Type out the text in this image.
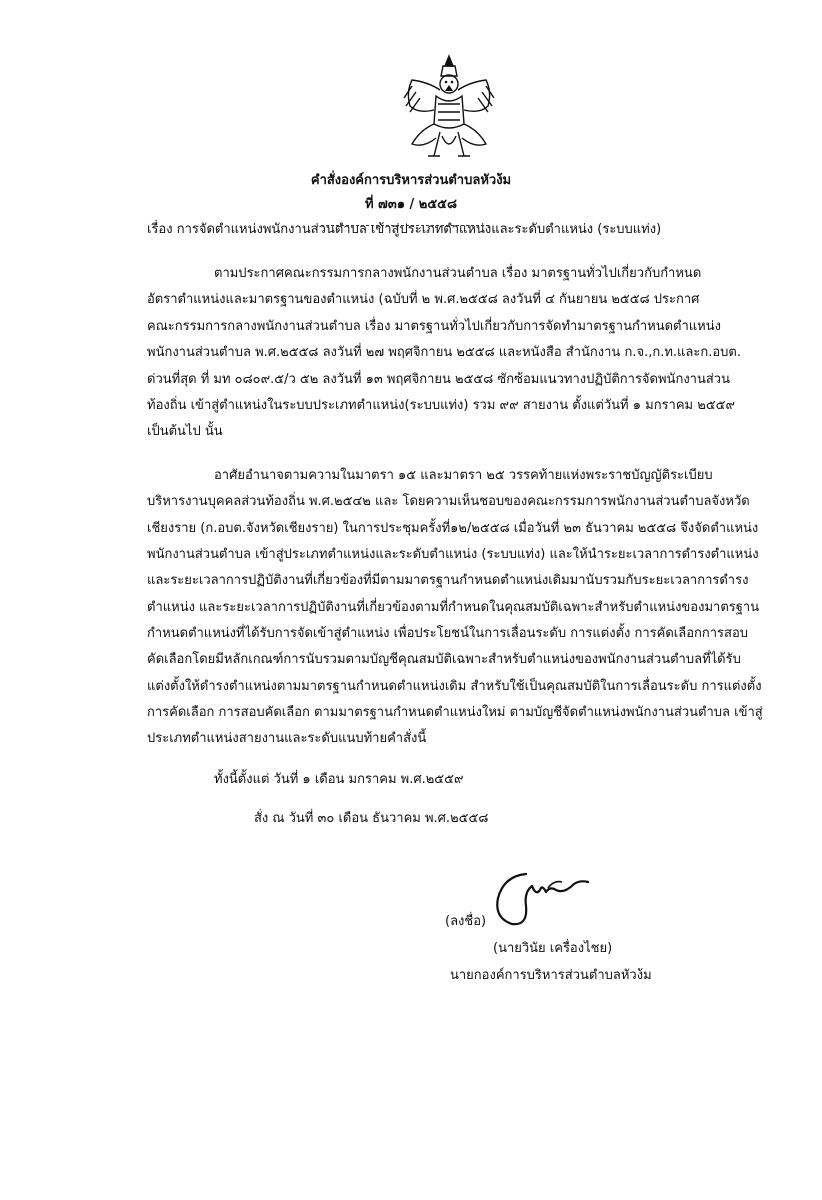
คำสั่งองค์การบริหารส่วนตำบลหัวง้ม
ที่ ๗๓๑ / ๒๕๕๘
เรื่อง การจัดตำแหน่งพนักงานส่วนตำบล เข้าสู่ประเภทตำแหน่งและระดับตำแหน่ง (ระบบแท่ง)
ตามประกาศคณะกรรมการกลางพนักงานส่วนตำบล เรื่อง มาตรฐานทั่วไปเกี่ยวกับกำหนด
อัตราตำแหน่งและมาตรฐานของตำแหน่ง (ฉบับที่ ๒ พ.ศ.๒๕๕๘ ลงวันที่ ๔ กันยายน ๒๕๕๘ ประกาศ
คณะกรรมการกลางพนักงานส่วนตำบล เรื่อง มาตรฐานทั่วไปเกี่ยวกับการจัดทำมาตรฐานกำหนดตำแหน่ง
พนักงานส่วนตำบล พ.ศ.๒๕๕๘ ลงวันที่ ๒๗ พฤศจิกายน ๒๕๕๘ และหนังสือ สำนักงาน ก.จ.,ก.ท.และก.อบต.
ด่วนที่สุด ที่ มท ๐๘๐๙.๕/ว ๕๒ ลงวันที่ ๑๓ พฤศจิกายน ๒๕๕๘ ซักซ้อมแนวทางปฏิบัติการจัดพนักงานส่วน
ท้องถิ่น เข้าสู่ตำแหน่งในระบบประเภทตำแหน่ง(ระบบแท่ง) รวม ๙๙ สายงาน ตั้งแต่วันที่ ๑ มกราคม ๒๕๕๙
เป็นต้นไป นั้น
อาศัยอำนาจตามความในมาตรา ๑๕ และมาตรา ๒๕ วรรคท้ายแห่งพระราชบัญญัติระเบียบ
บริหารงานบุคคลส่วนท้องถิ่น พ.ศ.๒๕๔๒ และ โดยความเห็นชอบของคณะกรรมการพนักงานส่วนตำบลจังหวัด
เชียงราย (ก.อบต.จังหวัดเชียงราย) ในการประชุมครั้งที่๑๒/๒๕๕๘ เมื่อวันที่ ๒๓ ธันวาคม ๒๕๕๘ จึงจัดตำแหน่ง
พนักงานส่วนตำบล เข้าสู่ประเภทตำแหน่งและระดับตำแหน่ง (ระบบแท่ง) และให้นำระยะเวลาการดำรงตำแหน่ง
และระยะเวลาการปฏิบัติงานที่เกี่ยวข้องที่มีตามมาตรฐานกำหนดตำแหน่งเดิมมานับรวมกับระยะเวลาการดำรง
ตำแหน่ง และระยะเวลาการปฏิบัติงานที่เกี่ยวข้องตามที่กำหนดในคุณสมบัติเฉพาะสำหรับตำแหน่งของมาตรฐาน
กำหนดตำแหน่งที่ได้รับการจัดเข้าสู่ตำแหน่ง เพื่อประโยชน์ในการเลื่อนระดับ การแต่งตั้ง การคัดเลือกการสอบ
คัดเลือกโดยมีหลักเกณฑ์การนับรวมตามบัญชีคุณสมบัติเฉพาะสำหรับตำแหน่งของพนักงานส่วนตำบลที่ได้รับ
แต่งตั้งให้ดำรงตำแหน่งตามมาตรฐานกำหนดตำแหน่งเดิม สำหรับใช้เป็นคุณสมบัติในการเลื่อนระดับ การแต่งตั้ง
การคัดเลือก การสอบคัดเลือก ตามมาตรฐานกำหนดตำแหน่งใหม่ ตามบัญชีจัดตำแหน่งพนักงานส่วนตำบล เข้าสู่
ประเภทตำแหน่งสายงานและระดับแนบท้ายคำสั่งนี้
ทั้งนี้ตั้งแต่ วันที่ ๑ เดือน มกราคม พ.ศ.๒๕๕๙
สั่ง ณ วันที่ ๓๐ เดือน ธันวาคม พ.ศ.๒๕๕๘
(ลงชื่อ)
(นายวินัย เครื่องไชย)
นายกองค์การบริหารส่วนตำบลหัวง้ม
